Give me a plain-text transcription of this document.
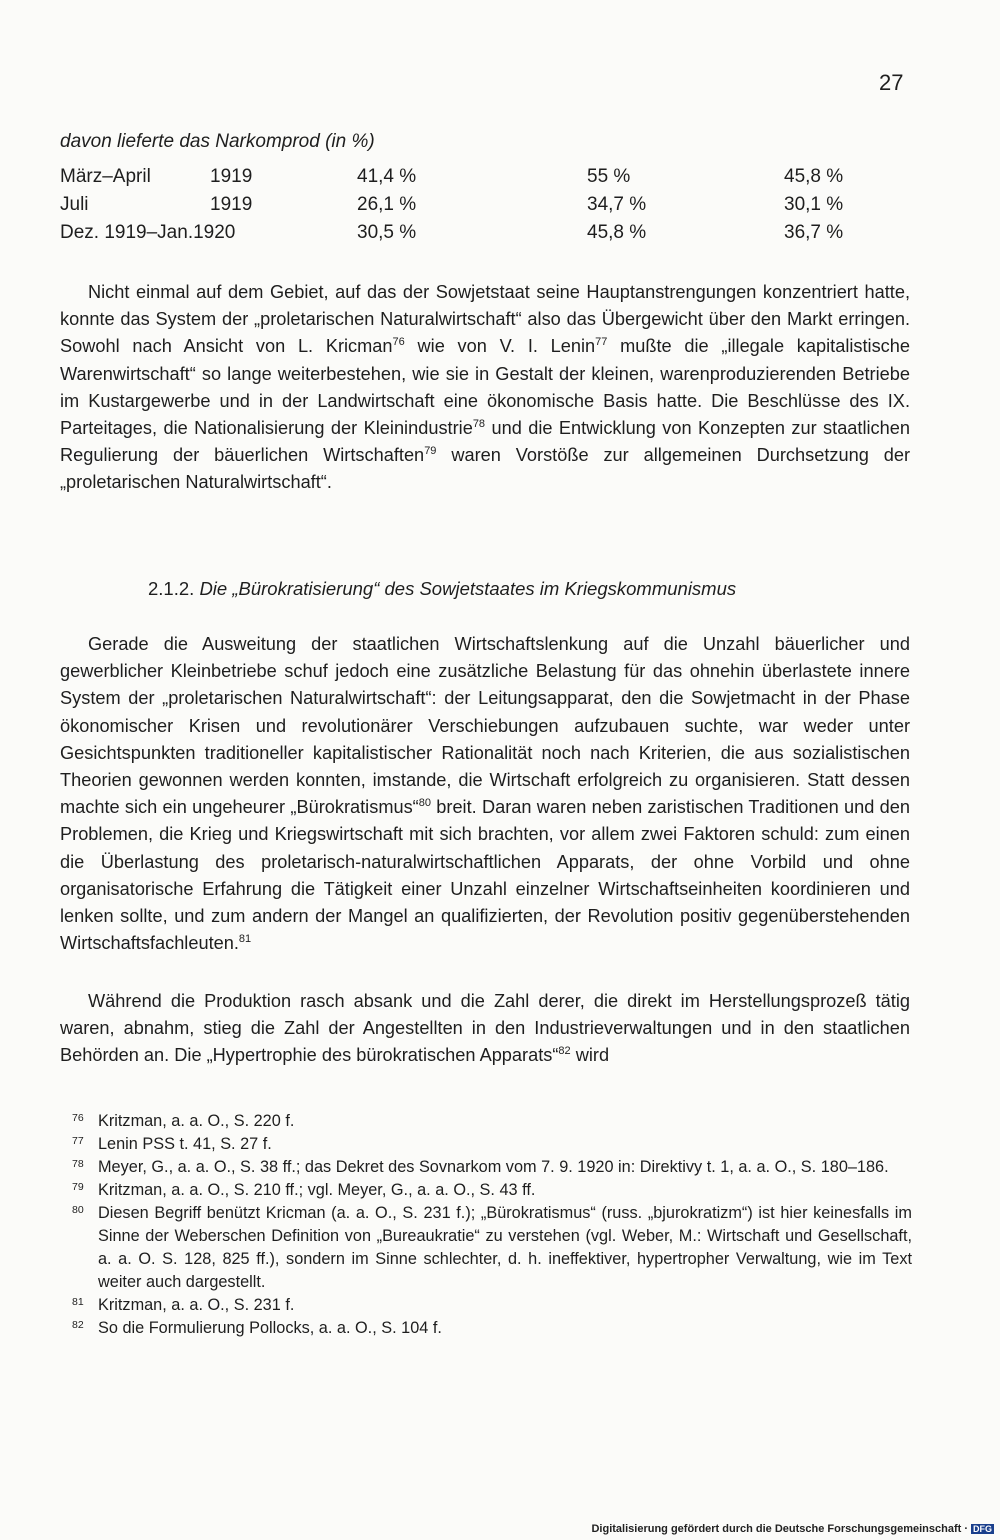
27
davon lieferte das Narkomprod (in %)
März–April	1919	41,4 %	55 %	45,8 %
Juli	1919	26,1 %	34,7 %	30,1 %
Dez. 1919–Jan.1920	30,5 %	45,8 %	36,7 %

Nicht einmal auf dem Gebiet, auf das der Sowjetstaat seine Hauptanstrengungen konzentriert hatte, konnte das System der „proletarischen Naturalwirtschaft“ also das Übergewicht über den Markt erringen. Sowohl nach Ansicht von L. Kricman$^{76}$ wie von V. I. Lenin$^{77}$ mußte die „illegale kapitalistische Warenwirtschaft“ so lange weiterbestehen, wie sie in Gestalt der kleinen, warenproduzierenden Betriebe im Kustargewerbe und in der Landwirtschaft eine ökonomische Basis hatte. Die Beschlüsse des IX. Parteitages, die Nationalisierung der Kleinindustrie$^{78}$ und die Entwicklung von Konzepten zur staatlichen Regulierung der bäuerlichen Wirtschaften$^{79}$ waren Vorstöße zur allgemeinen Durchsetzung der „proletarischen Naturalwirtschaft“.

2.1.2. Die „Bürokratisierung“ des Sowjetstaates im Kriegskommunismus

Gerade die Ausweitung der staatlichen Wirtschaftslenkung auf die Unzahl bäuerlicher und gewerblicher Kleinbetriebe schuf jedoch eine zusätzliche Belastung für das ohnehin überlastete innere System der „proletarischen Naturalwirtschaft“: der Leitungsapparat, den die Sowjetmacht in der Phase ökonomischer Krisen und revolutionärer Verschiebungen aufzubauen suchte, war weder unter Gesichtspunkten traditioneller kapitalistischer Rationalität noch nach Kriterien, die aus sozialistischen Theorien gewonnen werden konnten, imstande, die Wirtschaft erfolgreich zu organisieren. Statt dessen machte sich ein ungeheurer „Bürokratismus“$^{80}$ breit. Daran waren neben zaristischen Traditionen und den Problemen, die Krieg und Kriegswirtschaft mit sich brachten, vor allem zwei Faktoren schuld: zum einen die Überlastung des proletarisch-naturalwirtschaftlichen Apparats, der ohne Vorbild und ohne organisatorische Erfahrung die Tätigkeit einer Unzahl einzelner Wirtschaftseinheiten koordinieren und lenken sollte, und zum andern der Mangel an qualifizierten, der Revolution positiv gegenüberstehenden Wirtschaftsfachleuten.$^{81}$

Während die Produktion rasch absank und die Zahl derer, die direkt im Herstellungsprozeß tätig waren, abnahm, stieg die Zahl der Angestellten in den Industrieverwaltungen und in den staatlichen Behörden an. Die „Hypertrophie des bürokratischen Apparats“$^{82}$ wird

76 Kritzman, a. a. O., S. 220 f.

77 Lenin PSS t. 41, S. 27 f.

78 Meyer, G., a. a. O., S. 38 ff.; das Dekret des Sovnarkom vom 7. 9. 1920 in: Direktivy t. 1, a. a. O., S. 180–186.

79 Kritzman, a. a. O., S. 210 ff.; vgl. Meyer, G., a. a. O., S. 43 ff.

80 Diesen Begriff benützt Kricman (a. a. O., S. 231 f.); „Bürokratismus“ (russ. „bjurokratizm“) ist hier keinesfalls im Sinne der Weberschen Definition von „Bureaukratie“ zu verstehen (vgl. Weber, M.: Wirtschaft und Gesellschaft, a. a. O. S. 128, 825 ff.), sondern im Sinne schlechter, d. h. ineffektiver, hypertropher Verwaltung, wie im Text weiter auch dargestellt.

81 Kritzman, a. a. O., S. 231 f.

82 So die Formulierung Pollocks, a. a. O., S. 104 f.

Digitalisierung gefördert durch die Deutsche Forschungsgemeinschaft · DFG
